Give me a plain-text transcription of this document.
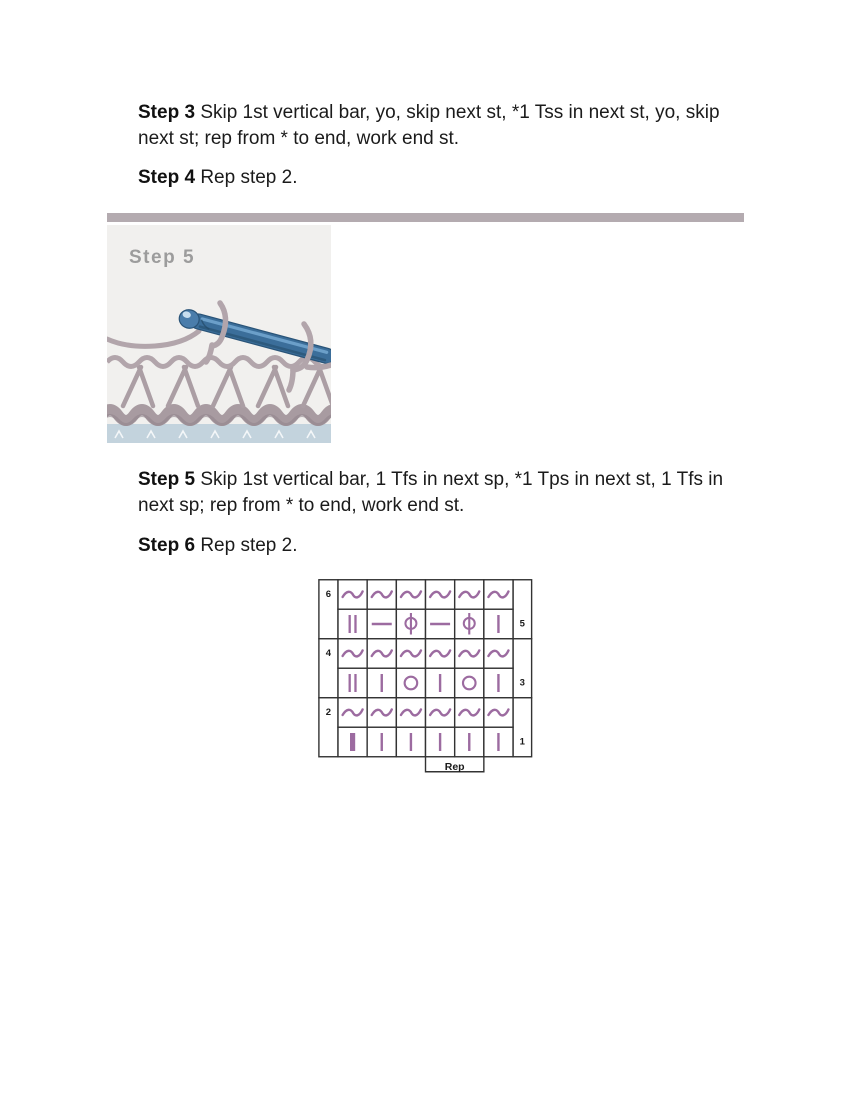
Step 3 Skip 1st vertical bar, yo, skip next st, *1 Tss in next st, yo, skip next st; rep from * to end, work end st.

Step 4 Rep step 2.

Step 5

Step 5 Skip 1st vertical bar, 1 Tfs in next sp, *1 Tps in next st, 1 Tfs in next sp; rep from * to end, work end st.

Step 6 Rep step 2.

6
5
4
3
2
1
Rep
